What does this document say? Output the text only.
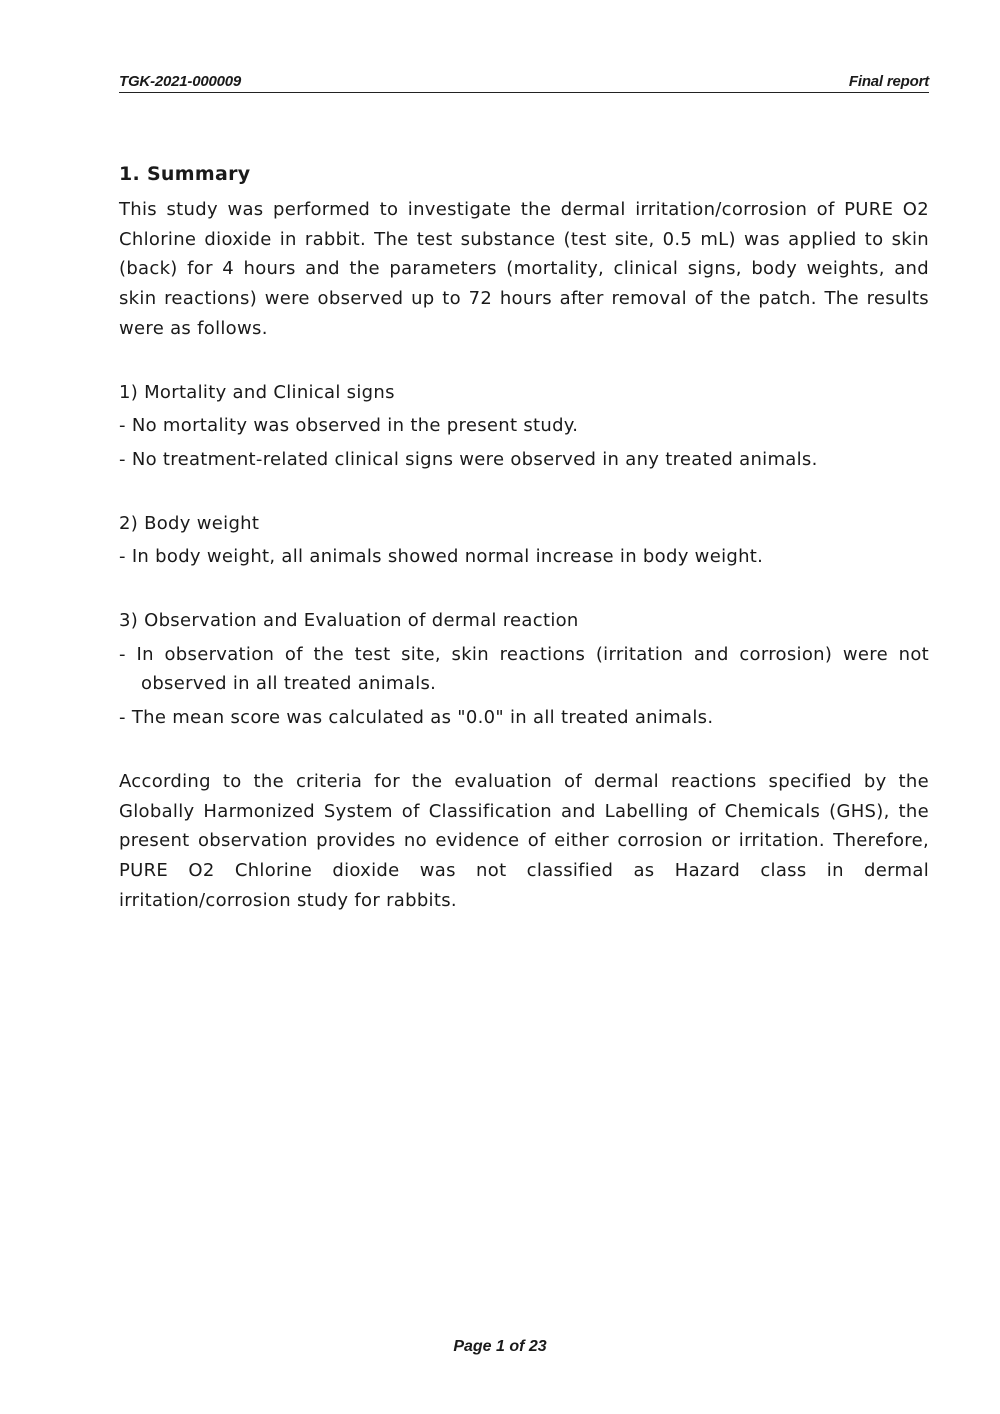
TGK-2021-000009	Final report
1. Summary

This study was performed to investigate the dermal irritation/corrosion of PURE O2 Chlorine dioxide in rabbit. The test substance (test site, 0.5 mL) was applied to skin (back) for 4 hours and the parameters (mortality, clinical signs, body weights, and skin reactions) were observed up to 72 hours after removal of the patch. The results were as follows.

1) Mortality and Clinical signs
- No mortality was observed in the present study.
- No treatment-related clinical signs were observed in any treated animals.
2) Body weight
- In body weight, all animals showed normal increase in body weight.
3) Observation and Evaluation of dermal reaction
- In observation of the test site, skin reactions (irritation and corrosion) were not observed in all treated animals.
- The mean score was calculated as "0.0" in all treated animals.

According to the criteria for the evaluation of dermal reactions specified by the Globally Harmonized System of Classification and Labelling of Chemicals (GHS), the present observation provides no evidence of either corrosion or irritation. Therefore, PURE O2 Chlorine dioxide was not classified as Hazard class in dermal irritation/corrosion study for rabbits.

Page 1 of 23
